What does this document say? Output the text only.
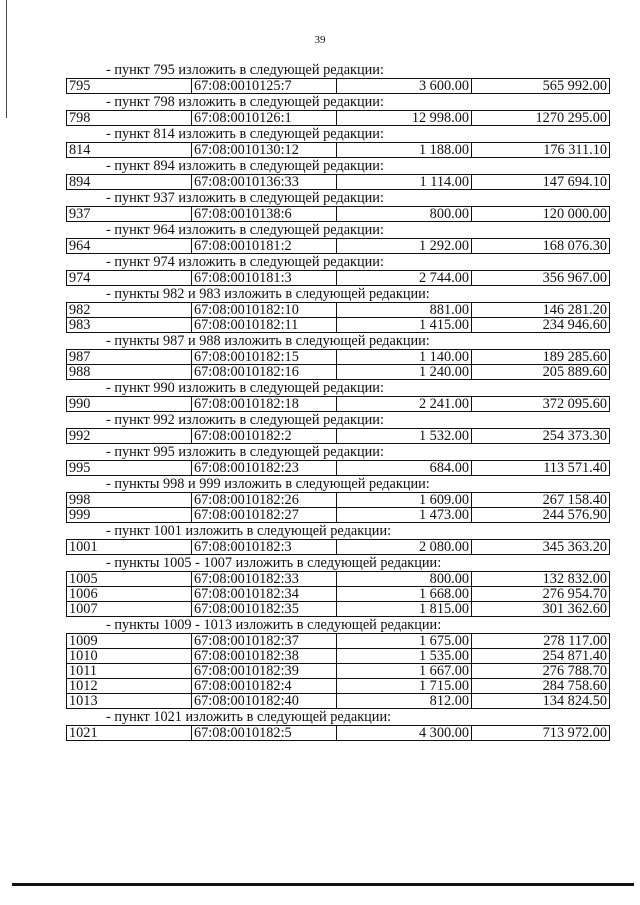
39
- пункт 795 изложить в следующей редакции:
795	67:08:0010125:7	3 600.00	565 992.00
- пункт 798 изложить в следующей редакции:
798	67:08:0010126:1	12 998.00	1270 295.00
- пункт 814 изложить в следующей редакции:
814	67:08:0010130:12	1 188.00	176 311.10
- пункт 894 изложить в следующей редакции:
894	67:08:0010136:33	1 114.00	147 694.10
- пункт 937 изложить в следующей редакции:
937	67:08:0010138:6	800.00	120 000.00
- пункт 964 изложить в следующей редакции:
964	67:08:0010181:2	1 292.00	168 076.30
- пункт 974 изложить в следующей редакции:
974	67:08:0010181:3	2 744.00	356 967.00
- пункты 982 и 983 изложить в следующей редакции:
982	67:08:0010182:10	881.00	146 281.20
983	67:08:0010182:11	1 415.00	234 946.60
- пункты 987 и 988 изложить в следующей редакции:
987	67:08:0010182:15	1 140.00	189 285.60
988	67:08:0010182:16	1 240.00	205 889.60
- пункт 990 изложить в следующей редакции:
990	67:08:0010182:18	2 241.00	372 095.60
- пункт 992 изложить в следующей редакции:
992	67:08:0010182:2	1 532.00	254 373.30
- пункт 995 изложить в следующей редакции:
995	67:08:0010182:23	684.00	113 571.40
- пункты 998 и 999 изложить в следующей редакции:
998	67:08:0010182:26	1 609.00	267 158.40
999	67:08:0010182:27	1 473.00	244 576.90
- пункт 1001 изложить в следующей редакции:
1001	67:08:0010182:3	2 080.00	345 363.20
- пункты 1005 - 1007 изложить в следующей редакции:
1005	67:08:0010182:33	800.00	132 832.00
1006	67:08:0010182:34	1 668.00	276 954.70
1007	67:08:0010182:35	1 815.00	301 362.60
- пункты 1009 - 1013 изложить в следующей редакции:
1009	67:08:0010182:37	1 675.00	278 117.00
1010	67:08:0010182:38	1 535.00	254 871.40
1011	67:08:0010182:39	1 667.00	276 788.70
1012	67:08:0010182:4	1 715.00	284 758.60
1013	67:08:0010182:40	812.00	134 824.50
- пункт 1021 изложить в следующей редакции:
1021	67:08:0010182:5	4 300.00	713 972.00
